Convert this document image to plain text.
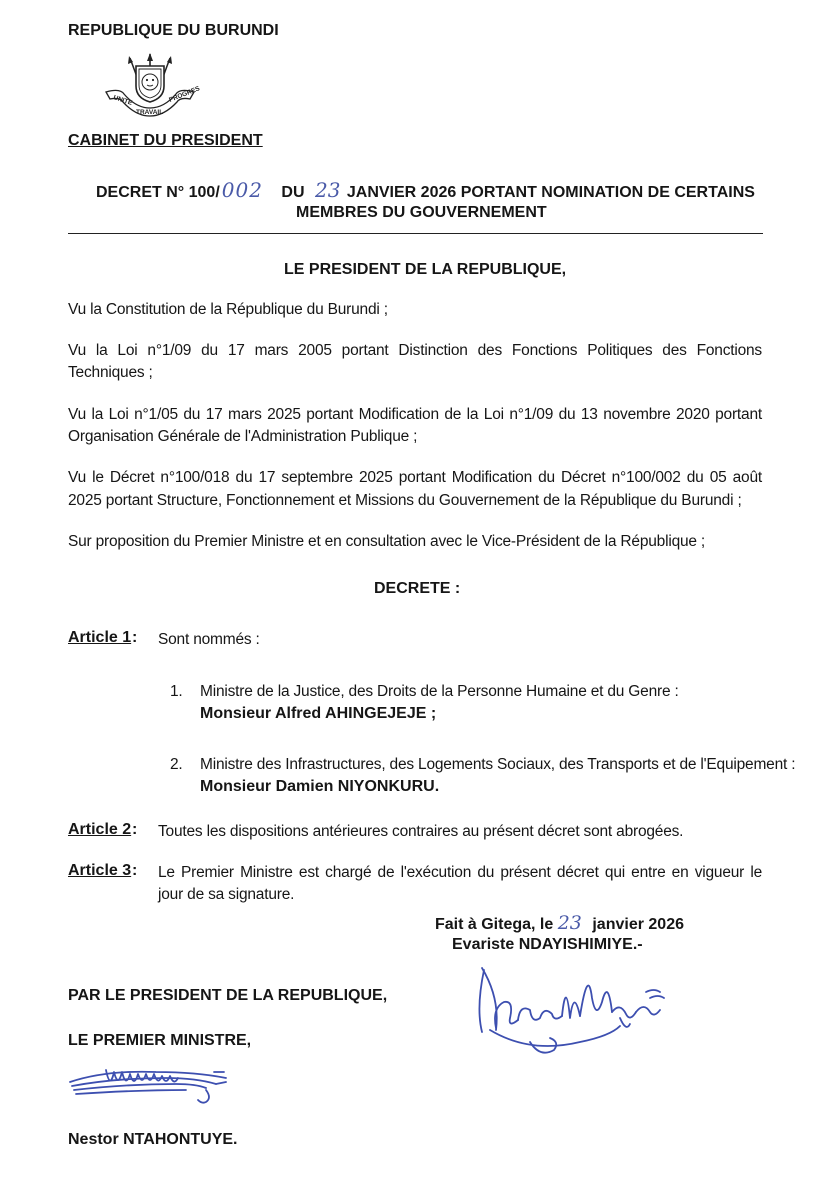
REPUBLIQUE DU BURUNDI
UNITE
TRAVAIL
PROGRES
CABINET DU PRESIDENT
DECRET N° 100/ 002 DU 23 JANVIER 2026 PORTANT NOMINATION DE CERTAINS
MEMBRES DU GOUVERNEMENT
LE PRESIDENT DE LA REPUBLIQUE,
Vu la Constitution de la République du Burundi ;
Vu la Loi n°1/09 du 17 mars 2005 portant Distinction des Fonctions Politiques des Fonctions
Techniques ;
Vu la Loi n°1/05 du 17 mars 2025 portant Modification de la Loi n°1/09 du 13 novembre 2020 portant
Organisation Générale de l'Administration Publique ;
Vu le Décret n°100/018 du 17 septembre 2025 portant Modification du Décret n°100/002 du 05 août
2025 portant Structure, Fonctionnement et Missions du Gouvernement de la République du Burundi ;
Sur proposition du Premier Ministre et en consultation avec le Vice-Président de la République ;
DECRETE :
Article 1 : Sont nommés :
1. Ministre de la Justice, des Droits de la Personne Humaine et du Genre :
Monsieur Alfred AHINGEJEJE ;
2. Ministre des Infrastructures, des Logements Sociaux, des Transports et de l'Equipement :
Monsieur Damien NIYONKURU.
Article 2 : Toutes les dispositions antérieures contraires au présent décret sont abrogées.
Article 3 : Le Premier Ministre est chargé de l'exécution du présent décret qui entre en vigueur le
jour de sa signature.
Fait à Gitega, le 23 janvier 2026
Evariste NDAYISHIMIYE.-
PAR LE PRESIDENT DE LA REPUBLIQUE,
LE PREMIER MINISTRE,
Nestor NTAHONTUYE.
